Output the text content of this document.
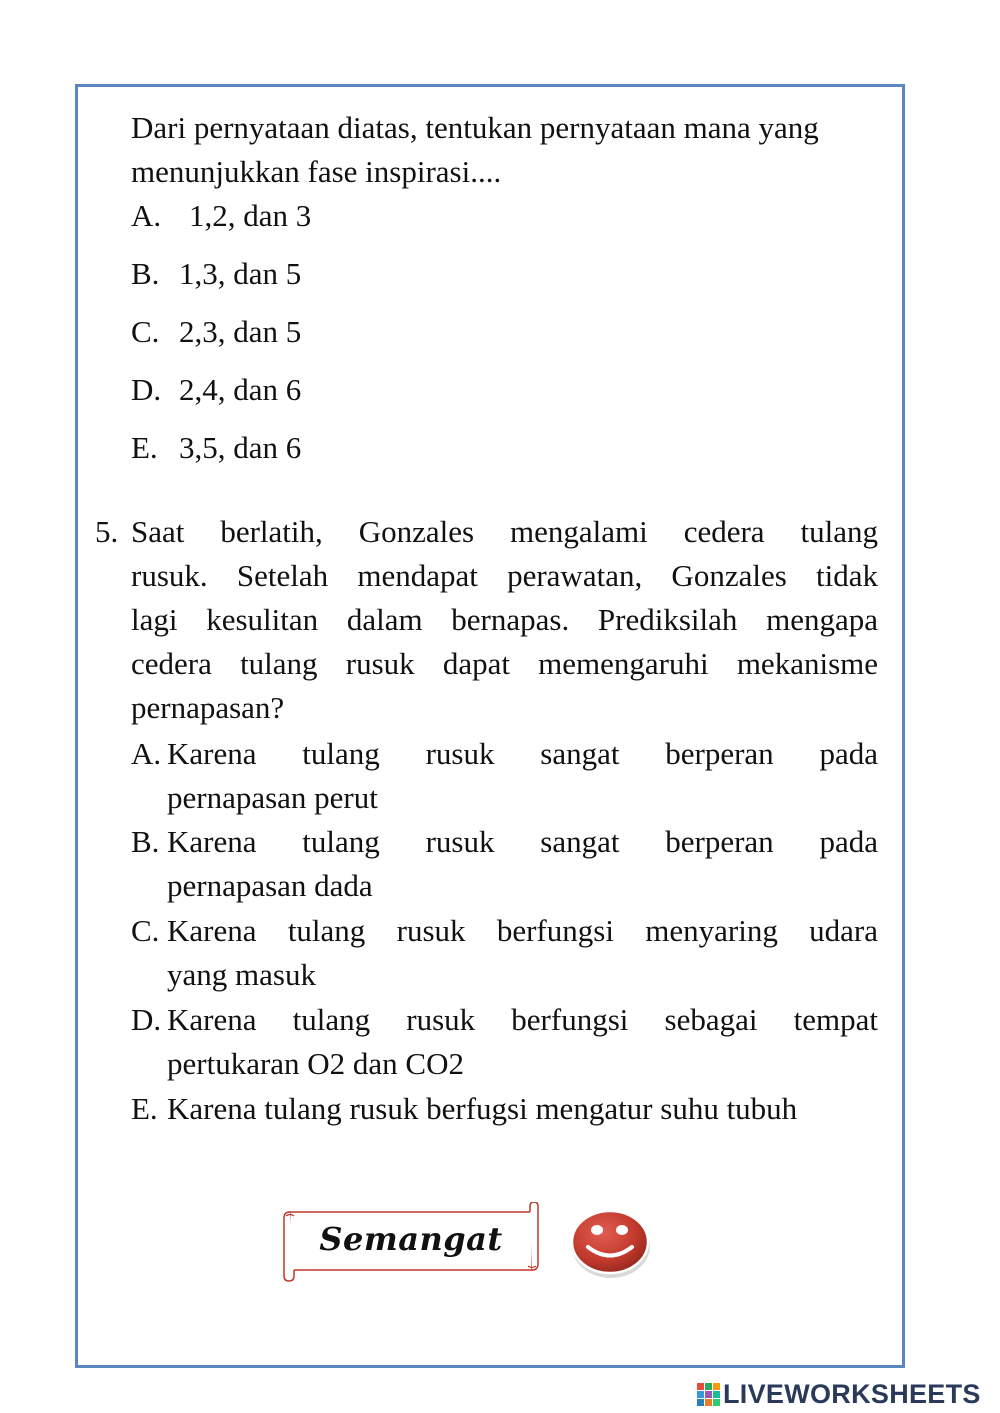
Dari pernyataan diatas, tentukan pernyataan mana yang
menunjukkan fase inspirasi....
A. 1,2, dan 3
B. 1,3, dan 5
C. 2,3, dan 5
D. 2,4, dan 6
E. 3,5, dan 6
5. Saat berlatih, Gonzales mengalami cedera tulang
rusuk. Setelah mendapat perawatan, Gonzales tidak
lagi kesulitan dalam bernapas. Prediksilah mengapa
cedera tulang rusuk dapat memengaruhi mekanisme
pernapasan?
A. Karena tulang rusuk sangat berperan pada
pernapasan perut
B. Karena tulang rusuk sangat berperan pada
pernapasan dada
C. Karena tulang rusuk berfungsi menyaring udara
yang masuk
D. Karena tulang rusuk berfungsi sebagai tempat
pertukaran O2 dan CO2
E. Karena tulang rusuk berfugsi mengatur suhu tubuh
Semangat
LIVEWORKSHEETS
